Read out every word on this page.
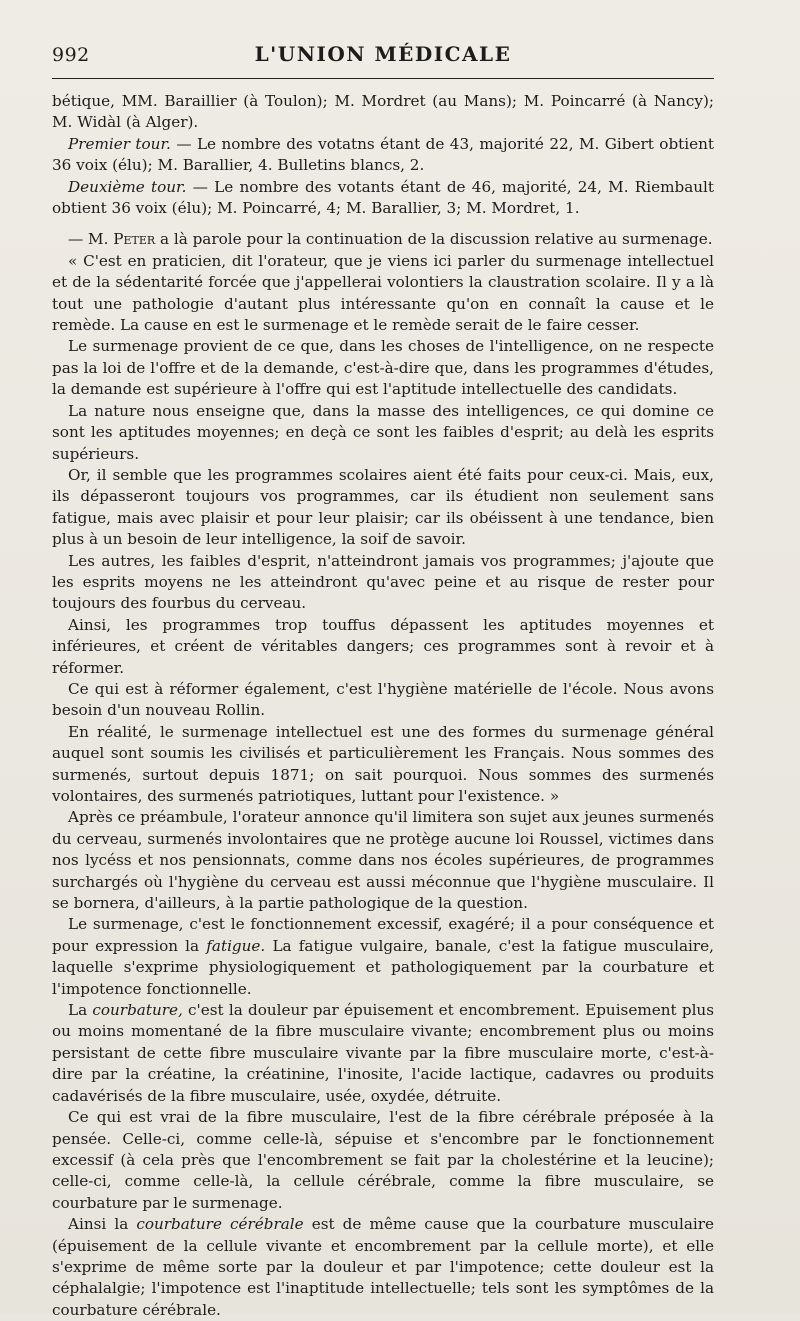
992	L'UNION MÉDICALE

bétique, MM. Baraillier (à Toulon); M. Mordret (au Mans); M. Poincarré (à Nancy); M. Widàl (à Alger).

Premier tour. — Le nombre des votatns étant de 43, majorité 22, M. Gibert obtient 36 voix (élu); M. Barallier, 4. Bulletins blancs, 2.

Deuxième tour. — Le nombre des votants étant de 46, majorité, 24, M. Riembault obtient 36 voix (élu); M. Poincarré, 4; M. Barallier, 3; M. Mordret, 1.

— M. Peter a là parole pour la continuation de la discussion relative au surmenage.

« C'est en praticien, dit l'orateur, que je viens ici parler du surmenage intellectuel et de la sédentarité forcée que j'appellerai volontiers la claustration scolaire. Il y a là tout une pathologie d'autant plus intéressante qu'on en connaît la cause et le remède. La cause en est le surmenage et le remède serait de le faire cesser.

Le surmenage provient de ce que, dans les choses de l'intelligence, on ne respecte pas la loi de l'offre et de la demande, c'est-à-dire que, dans les programmes d'études, la demande est supérieure à l'offre qui est l'aptitude intellectuelle des candidats.

La nature nous enseigne que, dans la masse des intelligences, ce qui domine ce sont les aptitudes moyennes; en deçà ce sont les faibles d'esprit; au delà les esprits supérieurs.

Or, il semble que les programmes scolaires aient été faits pour ceux-ci. Mais, eux, ils dépasseront toujours vos programmes, car ils étudient non seulement sans fatigue, mais avec plaisir et pour leur plaisir; car ils obéissent à une tendance, bien plus à un besoin de leur intelligence, la soif de savoir.

Les autres, les faibles d'esprit, n'atteindront jamais vos programmes; j'ajoute que les esprits moyens ne les atteindront qu'avec peine et au risque de rester pour toujours des fourbus du cerveau.

Ainsi, les programmes trop touffus dépassent les aptitudes moyennes et inférieures, et créent de véritables dangers; ces programmes sont à revoir et à réformer.

Ce qui est à réformer également, c'est l'hygiène matérielle de l'école. Nous avons besoin d'un nouveau Rollin.

En réalité, le surmenage intellectuel est une des formes du surmenage général auquel sont soumis les civilisés et particulièrement les Français. Nous sommes des surmenés, surtout depuis 1871; on sait pourquoi. Nous sommes des surmenés volontaires, des surmenés patriotiques, luttant pour l'existence. »

Après ce préambule, l'orateur annonce qu'il limitera son sujet aux jeunes surmenés du cerveau, surmenés involontaires que ne protège aucune loi Roussel, victimes dans nos lycéss et nos pensionnats, comme dans nos écoles supérieures, de programmes surchargés où l'hygiène du cerveau est aussi méconnue que l'hygiène musculaire. Il se bornera, d'ailleurs, à la partie pathologique de la question.

Le surmenage, c'est le fonctionnement excessif, exagéré; il a pour conséquence et pour expression la fatigue. La fatigue vulgaire, banale, c'est la fatigue musculaire, laquelle s'exprime physiologiquement et pathologiquement par la courbature et l'impotence fonctionnelle.

La courbature, c'est la douleur par épuisement et encombrement. Epuisement plus ou moins momentané de la fibre musculaire vivante; encombrement plus ou moins persistant de cette fibre musculaire vivante par la fibre musculaire morte, c'est-à-dire par la créatine, la créatinine, l'inosite, l'acide lactique, cadavres ou produits cadavérisés de la fibre musculaire, usée, oxydée, détruite.

Ce qui est vrai de la fibre musculaire, l'est de la fibre cérébrale préposée à la pensée. Celle-ci, comme celle-là, sépuise et s'encombre par le fonctionnement excessif (à cela près que l'encombrement se fait par la cholestérine et la leucine); celle-ci, comme celle-là, la cellule cérébrale, comme la fibre musculaire, se courbature par le surmenage.

Ainsi la courbature cérébrale est de même cause que la courbature musculaire (épuisement de la cellule vivante et encombrement par la cellule morte), et elle s'exprime de même sorte par la douleur et par l'impotence; cette douleur est la céphalalgie; l'impotence est l'inaptitude intellectuelle; tels sont les symptômes de la courbature cérébrale.
